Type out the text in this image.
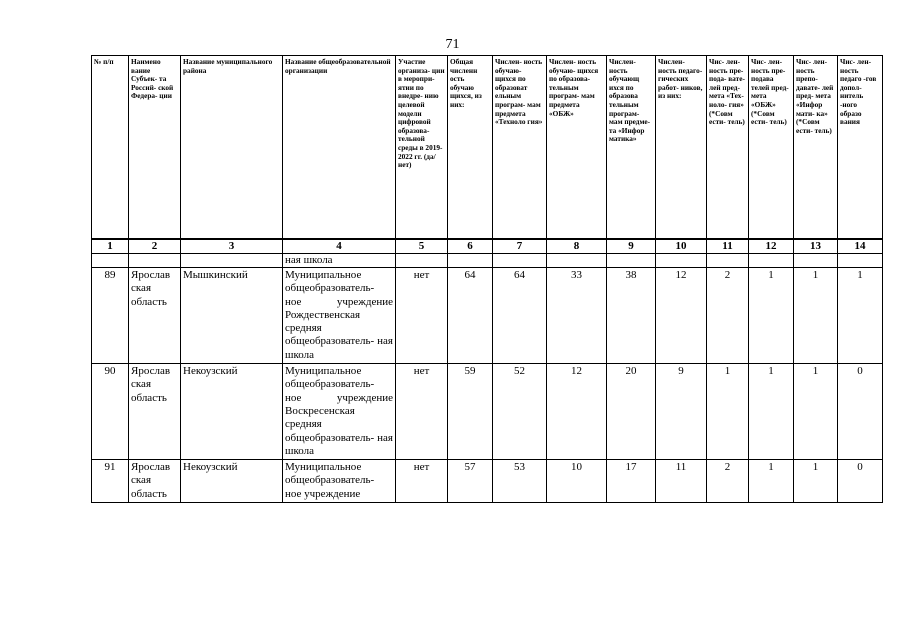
71
№ п/п	Наимено вание Субъек- та Россий- ской Федера- ции	Название муниципального района	Название общеобразовательной организации	Участие организа- ции в меропри- ятии по внедре- нию целевой модели цифровой образова- тельной среды в 2019-2022 гг. (да/нет)	Общая численн ость обучаю щихся, из них:	Числен- ность обучаю- щихся по образоват ельным програм- мам предмета «Техноло гия»	Числен- ность обучаю- щихся по образова- тельным програм- мам предмета «ОБЖ»	Числен- ность обучающ ихся по образова тельным програм- мам предме- та «Инфор матика»	Числен- ность педаго- гических работ- ников, из них:	Чис- лен- ность пре- пода- вате- лей пред- мета «Тех- ноло- гия» (*Совм ести- тель)	Чис- лен- ность пре- подава телей пред- мета «ОБЖ» (*Совм ести- тель)	Чис- лен- ность препо- давате- лей пред- мета «Инфор мати- ка» (*Совм ести- тель)	Чис- лен- ность педаго -гов допол- нитель -ного образо вания
1	2	3	4	5	6	7	8	9	10	11	12	13	14
			ная школа										
89	Ярослав ская область	Мышкинский	Муниципальное общеобразователь- ное учреждение Рождественская средняя общеобразователь- ная школа	нет	64	64	33	38	12	2	1	1	1
90	Ярослав ская область	Некоузский	Муниципальное общеобразователь- ное учреждение Воскресенская средняя общеобразователь- ная школа	нет	59	52	12	20	9	1	1	1	0
91	Ярослав ская область	Некоузский	Муниципальное общеобразователь- ное учреждение	нет	57	53	10	17	11	2	1	1	0
